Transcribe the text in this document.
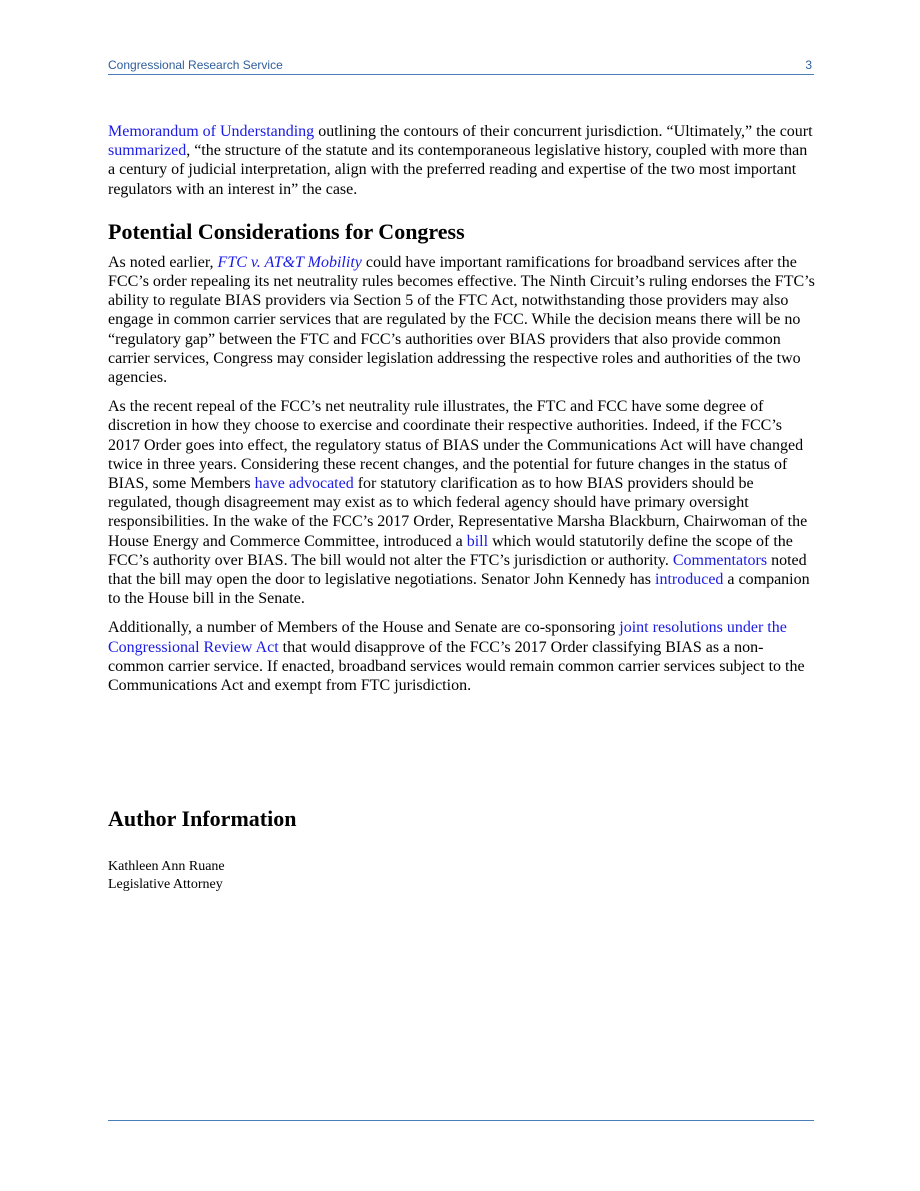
Congressional Research Service	3

Memorandum of Understanding outlining the contours of their concurrent jurisdiction. “Ultimately,” the court summarized, “the structure of the statute and its contemporaneous legislative history, coupled with more than a century of judicial interpretation, align with the preferred reading and expertise of the two most important regulators with an interest in” the case.

Potential Considerations for Congress

As noted earlier, FTC v. AT&T Mobility could have important ramifications for broadband services after the FCC’s order repealing its net neutrality rules becomes effective. The Ninth Circuit’s ruling endorses the FTC’s ability to regulate BIAS providers via Section 5 of the FTC Act, notwithstanding those providers may also engage in common carrier services that are regulated by the FCC. While the decision means there will be no “regulatory gap” between the FTC and FCC’s authorities over BIAS providers that also provide common carrier services, Congress may consider legislation addressing the respective roles and authorities of the two agencies.

As the recent repeal of the FCC’s net neutrality rule illustrates, the FTC and FCC have some degree of discretion in how they choose to exercise and coordinate their respective authorities. Indeed, if the FCC’s 2017 Order goes into effect, the regulatory status of BIAS under the Communications Act will have changed twice in three years. Considering these recent changes, and the potential for future changes in the status of BIAS, some Members have advocated for statutory clarification as to how BIAS providers should be regulated, though disagreement may exist as to which federal agency should have primary oversight responsibilities. In the wake of the FCC’s 2017 Order, Representative Marsha Blackburn, Chairwoman of the House Energy and Commerce Committee, introduced a bill which would statutorily define the scope of the FCC’s authority over BIAS. The bill would not alter the FTC’s jurisdiction or authority. Commentators noted that the bill may open the door to legislative negotiations. Senator John Kennedy has introduced a companion to the House bill in the Senate.

Additionally, a number of Members of the House and Senate are co-sponsoring joint resolutions under the Congressional Review Act that would disapprove of the FCC’s 2017 Order classifying BIAS as a non-common carrier service. If enacted, broadband services would remain common carrier services subject to the Communications Act and exempt from FTC jurisdiction.

Author Information
Kathleen Ann Ruane
Legislative Attorney
